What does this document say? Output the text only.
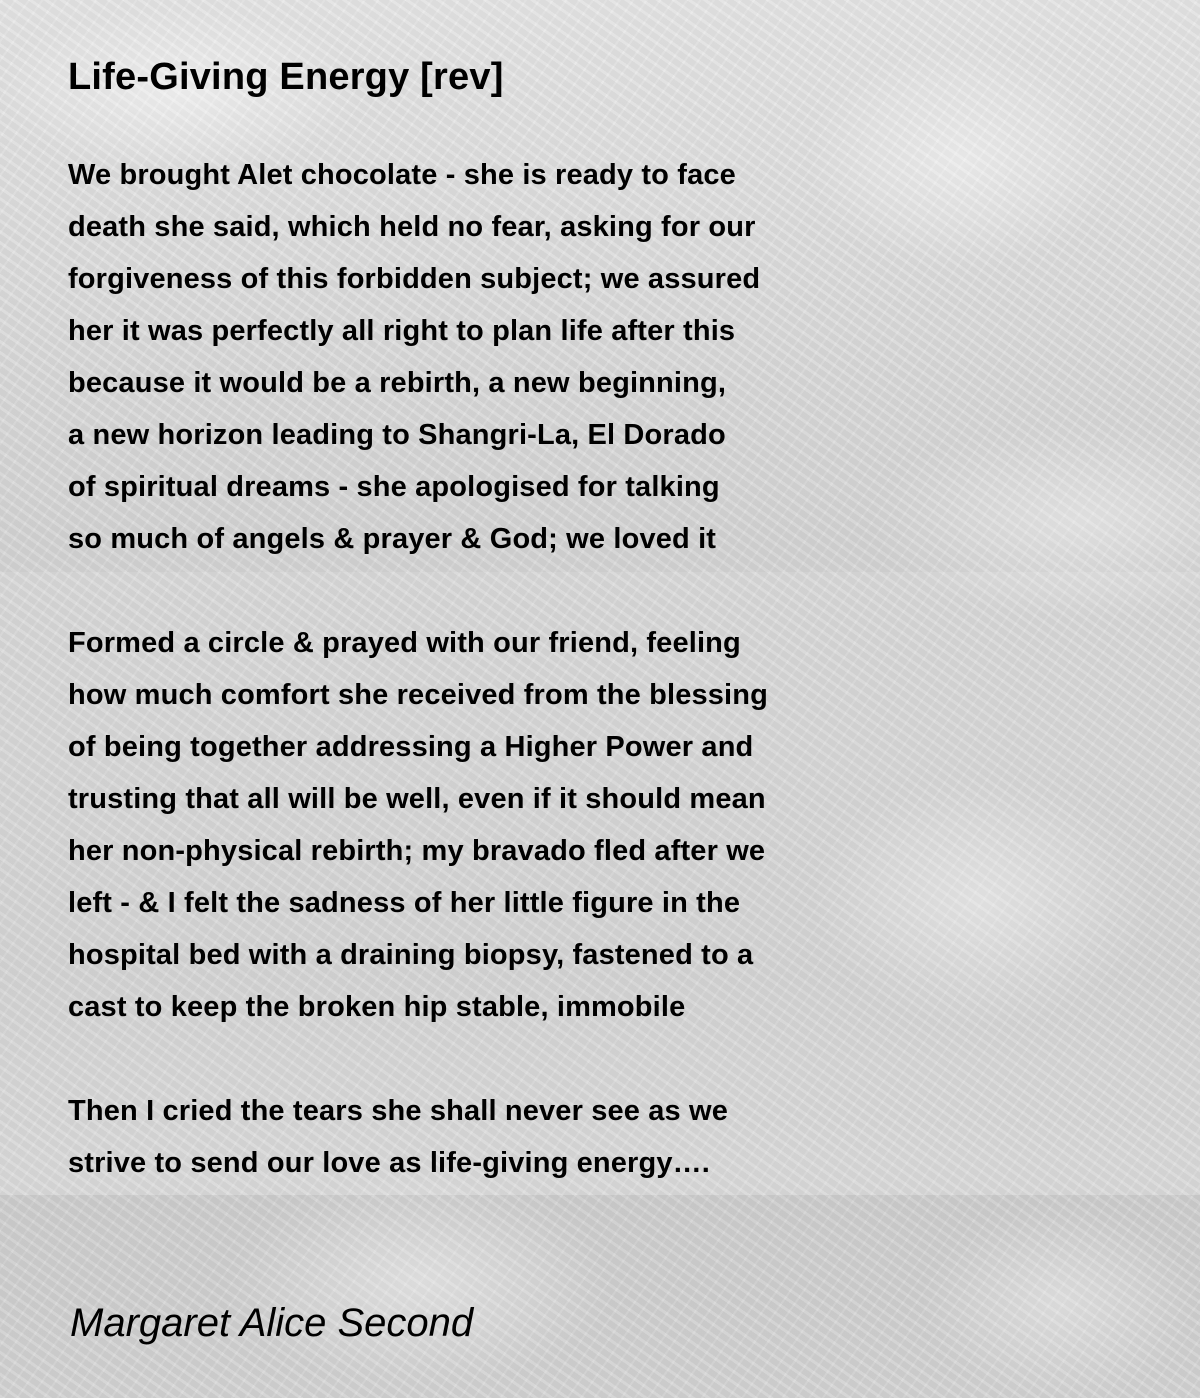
Life-Giving Energy [rev]
We brought Alet chocolate - she is ready to face
death she said, which held no fear, asking for our
forgiveness of this forbidden subject; we assured
her it was perfectly all right to plan life after this
because it would be a rebirth, a new beginning,
a new horizon leading to Shangri-La, El Dorado
of spiritual dreams - she apologised for talking
so much of angels & prayer & God; we loved it
Formed a circle & prayed with our friend, feeling
how much comfort she received from the blessing
of being together addressing a Higher Power and
trusting that all will be well, even if it should mean
her non-physical rebirth; my bravado fled after we
left - & I felt the sadness of her little figure in the
hospital bed with a draining biopsy, fastened to a
cast to keep the broken hip stable, immobile
Then I cried the tears she shall never see as we
strive to send our love as life-giving energy….
Margaret Alice Second
